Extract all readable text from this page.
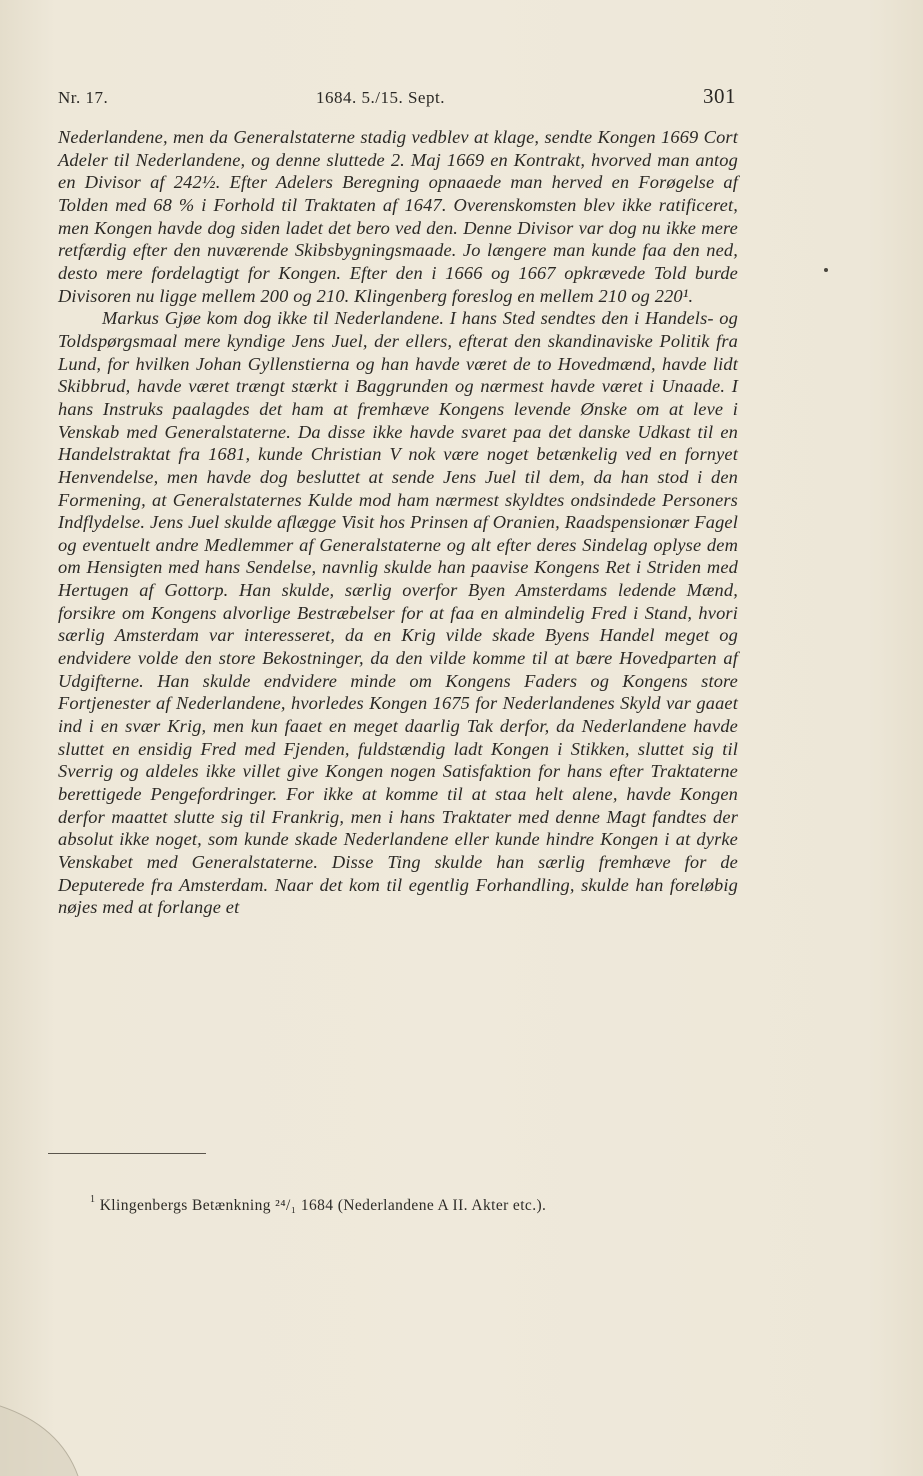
Nr. 17.	1684. 5./15. Sept.	301

Nederlandene, men da Generalstaterne stadig vedblev at klage, sendte Kongen 1669 Cort Adeler til Nederlandene, og denne sluttede 2. Maj 1669 en Kontrakt, hvorved man antog en Divisor af 242½. Efter Adelers Beregning opnaaede man herved en Forøgelse af Tolden med 68 % i Forhold til Traktaten af 1647. Overenskomsten blev ikke ratificeret, men Kongen havde dog siden ladet det bero ved den. Denne Divisor var dog nu ikke mere retfærdig efter den nuværende Skibsbygningsmaade. Jo længere man kunde faa den ned, desto mere fordelagtigt for Kongen. Efter den i 1666 og 1667 opkrævede Told burde Divisoren nu ligge mellem 200 og 210. Klingenberg foreslog en mellem 210 og 220¹.

Markus Gjøe kom dog ikke til Nederlandene. I hans Sted sendtes den i Handels- og Toldspørgsmaal mere kyndige Jens Juel, der ellers, efterat den skandinaviske Politik fra Lund, for hvilken Johan Gyllenstierna og han havde været de to Hovedmænd, havde lidt Skibbrud, havde været trængt stærkt i Baggrunden og nærmest havde været i Unaade. I hans Instruks paalagdes det ham at fremhæve Kongens levende Ønske om at leve i Venskab med Generalstaterne. Da disse ikke havde svaret paa det danske Udkast til en Handelstraktat fra 1681, kunde Christian V nok være noget betænkelig ved en fornyet Henvendelse, men havde dog besluttet at sende Jens Juel til dem, da han stod i den Formening, at Generalstaternes Kulde mod ham nærmest skyldtes ondsindede Personers Indflydelse. Jens Juel skulde aflægge Visit hos Prinsen af Oranien, Raadspensionær Fagel og eventuelt andre Medlemmer af Generalstaterne og alt efter deres Sindelag oplyse dem om Hensigten med hans Sendelse, navnlig skulde han paavise Kongens Ret i Striden med Hertugen af Gottorp. Han skulde, særlig overfor Byen Amsterdams ledende Mænd, forsikre om Kongens alvorlige Bestræbelser for at faa en almindelig Fred i Stand, hvori særlig Amsterdam var interesseret, da en Krig vilde skade Byens Handel meget og endvidere volde den store Bekostninger, da den vilde komme til at bære Hovedparten af Udgifterne. Han skulde endvidere minde om Kongens Faders og Kongens store Fortjenester af Nederlandene, hvorledes Kongen 1675 for Nederlandenes Skyld var gaaet ind i en svær Krig, men kun faaet en meget daarlig Tak derfor, da Nederlandene havde sluttet en ensidig Fred med Fjenden, fuldstændig ladt Kongen i Stikken, sluttet sig til Sverrig og aldeles ikke villet give Kongen nogen Satisfaktion for hans efter Traktaterne berettigede Pengefordringer. For ikke at komme til at staa helt alene, havde Kongen derfor maattet slutte sig til Frankrig, men i hans Traktater med denne Magt fandtes der absolut ikke noget, som kunde skade Nederlandene eller kunde hindre Kongen i at dyrke Venskabet med Generalstaterne. Disse Ting skulde han særlig fremhæve for de Deputerede fra Amsterdam. Naar det kom til egentlig Forhandling, skulde han foreløbig nøjes med at forlange et

$^1$ Klingenbergs Betænkning ²⁴/₁ 1684 (Nederlandene A II. Akter etc.).
